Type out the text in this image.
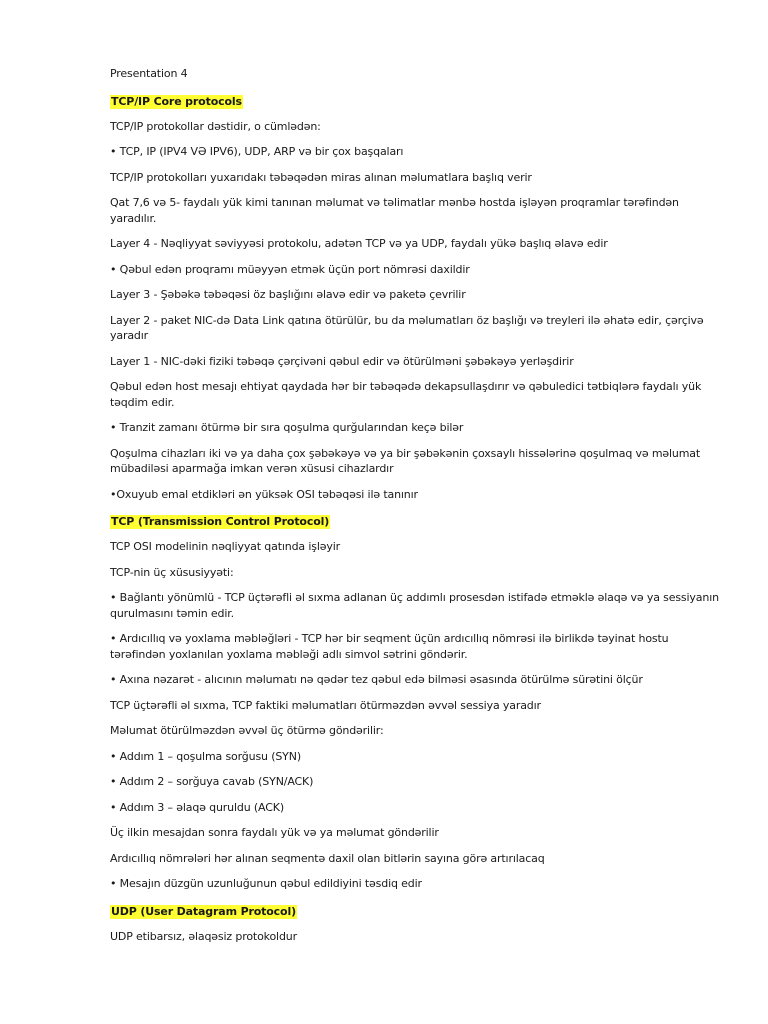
Presentation 4

TCP/IP Core protocols

TCP/IP protokollar dəstidir, o cümlədən:

• TCP, IP (IPV4 VƏ IPV6), UDP, ARP və bir çox başqaları

TCP/IP protokolları yuxarıdakı təbəqədən miras alınan məlumatlara başlıq verir

Qat 7,6 və 5- faydalı yük kimi tanınan məlumat və təlimatlar mənbə hostda işləyən proqramlar tərəfindən yaradılır.

Layer 4 - Nəqliyyat səviyyəsi protokolu, adətən TCP və ya UDP, faydalı yükə başlıq əlavə edir

• Qəbul edən proqramı müəyyən etmək üçün port nömrəsi daxildir

Layer 3 - Şəbəkə təbəqəsi öz başlığını əlavə edir və paketə çevrilir

Layer 2 - paket NIC-də Data Link qatına ötürülür, bu da məlumatları öz başlığı və treyleri ilə əhatə edir, çərçivə yaradır

Layer 1 - NIC-dəki fiziki təbəqə çərçivəni qəbul edir və ötürülməni şəbəkəyə yerləşdirir

Qəbul edən host mesajı ehtiyat qaydada hər bir təbəqədə dekapsullaşdırır və qəbuledici tətbiqlərə faydalı yük təqdim edir.

• Tranzit zamanı ötürmə bir sıra qoşulma qurğularından keçə bilər

Qoşulma cihazları iki və ya daha çox şəbəkəyə və ya bir şəbəkənin çoxsaylı hissələrinə qoşulmaq və məlumat mübadiləsi aparmağa imkan verən xüsusi cihazlardır

•Oxuyub emal etdikləri ən yüksək OSI təbəqəsi ilə tanınır

TCP (Transmission Control Protocol)

TCP OSI modelinin nəqliyyat qatında işləyir

TCP-nin üç xüsusiyyəti:

• Bağlantı yönümlü - TCP üçtərəfli əl sıxma adlanan üç addımlı prosesdən istifadə etməklə əlaqə və ya sessiyanın qurulmasını təmin edir.

• Ardıcıllıq və yoxlama məbləğləri - TCP hər bir seqment üçün ardıcıllıq nömrəsi ilə birlikdə təyinat hostu tərəfindən yoxlanılan yoxlama məbləği adlı simvol sətrini göndərir.

• Axına nəzarət - alıcının məlumatı nə qədər tez qəbul edə bilməsi əsasında ötürülmə sürətini ölçür

TCP üçtərəfli əl sıxma, TCP faktiki məlumatları ötürməzdən əvvəl sessiya yaradır

Məlumat ötürülməzdən əvvəl üç ötürmə göndərilir:

• Addım 1 – qoşulma sorğusu (SYN)

• Addım 2 – sorğuya cavab (SYN/ACK)

• Addım 3 – əlaqə quruldu (ACK)

Üç ilkin mesajdan sonra faydalı yük və ya məlumat göndərilir

Ardıcıllıq nömrələri hər alınan seqmentə daxil olan bitlərin sayına görə artırılacaq

• Mesajın düzgün uzunluğunun qəbul edildiyini təsdiq edir

UDP (User Datagram Protocol)

UDP etibarsız, əlaqəsiz protokoldur
